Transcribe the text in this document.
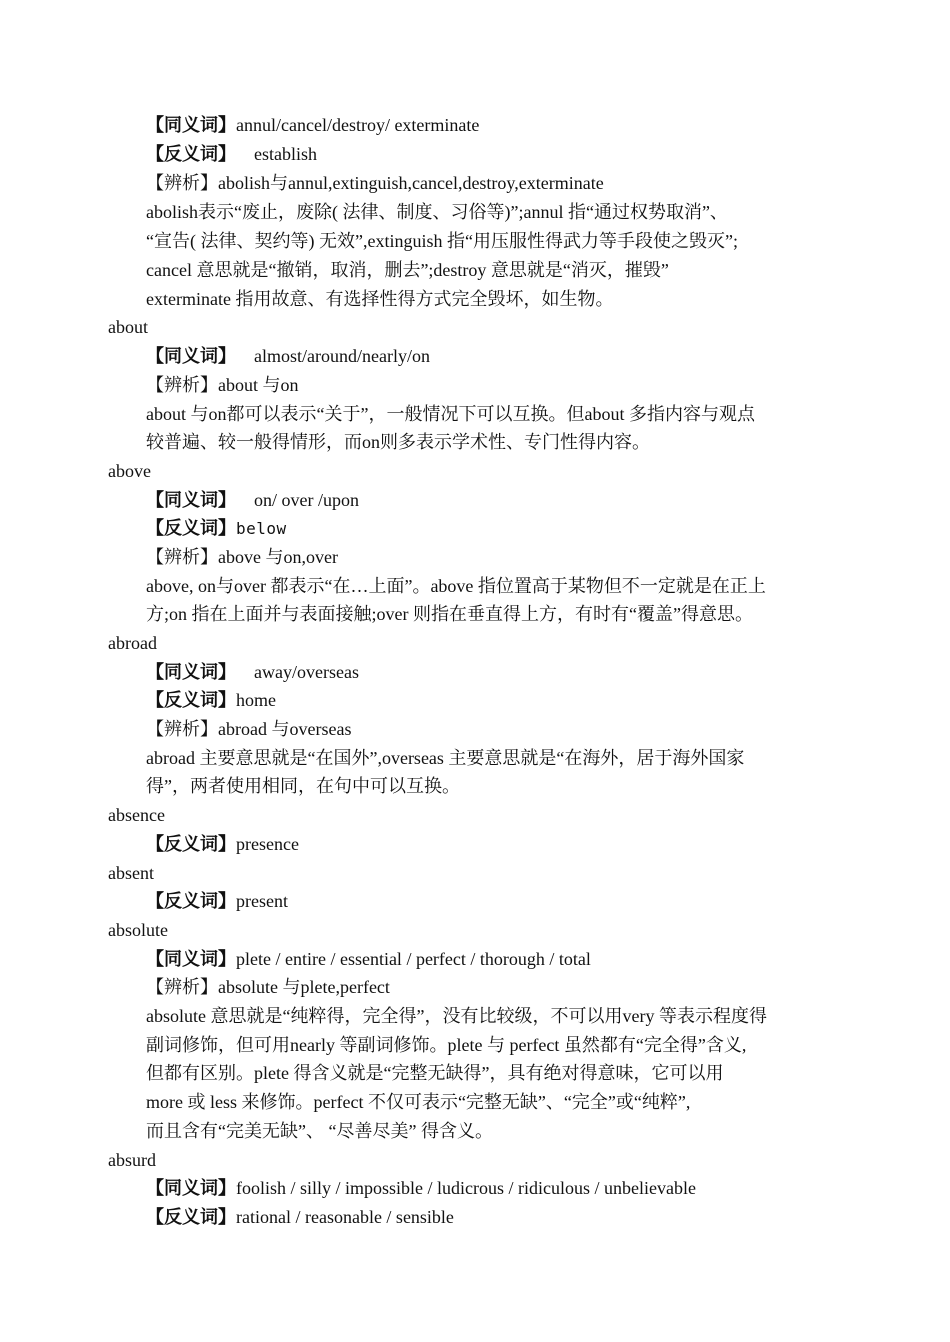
【同义词】annul/cancel/destroy/ exterminate
【反义词】 establish
【辨析】abolish与annul,extinguish,cancel,destroy,exterminate
abolish表示“废止，废除( 法律、制度、习俗等)”;annul 指“通过权势取消”、
“宣告( 法律、契约等) 无效”,extinguish 指“用压服性得武力等手段使之毁灭”;
cancel 意思就是“撤销，取消，删去”;destroy 意思就是“消灭，摧毁”
exterminate 指用故意、有选择性得方式完全毁坏，如生物。
about
【同义词】 almost/around/nearly/on
【辨析】about 与on
about 与on都可以表示“关于”，一般情况下可以互换。但about 多指内容与观点
较普遍、较一般得情形，而on则多表示学术性、专门性得内容。
above
【同义词】 on/ over /upon
【反义词】below
【辨析】above 与on,over
above, on与over 都表示“在…上面”。above 指位置高于某物但不一定就是在正上
方;on 指在上面并与表面接触;over 则指在垂直得上方，有时有“覆盖”得意思。
abroad
【同义词】 away/overseas
【反义词】home
【辨析】abroad 与overseas
abroad 主要意思就是“在国外”,overseas 主要意思就是“在海外，居于海外国家
得”，两者使用相同，在句中可以互换。
absence
【反义词】presence
absent
【反义词】present
absolute
【同义词】plete / entire / essential / perfect / thorough / total
【辨析】absolute 与plete,perfect
absolute 意思就是“纯粹得，完全得”，没有比较级，不可以用very 等表示程度得
副词修饰，但可用nearly 等副词修饰。plete 与 perfect 虽然都有“完全得”含义,
但都有区别。plete 得含义就是“完整无缺得”，具有绝对得意味，它可以用
more 或 less 来修饰。perfect 不仅可表示“完整无缺”、“完全”或“纯粹”,
而且含有“完美无缺”、 “尽善尽美” 得含义。
absurd
【同义词】foolish / silly / impossible / ludicrous / ridiculous / unbelievable
【反义词】rational / reasonable / sensible
